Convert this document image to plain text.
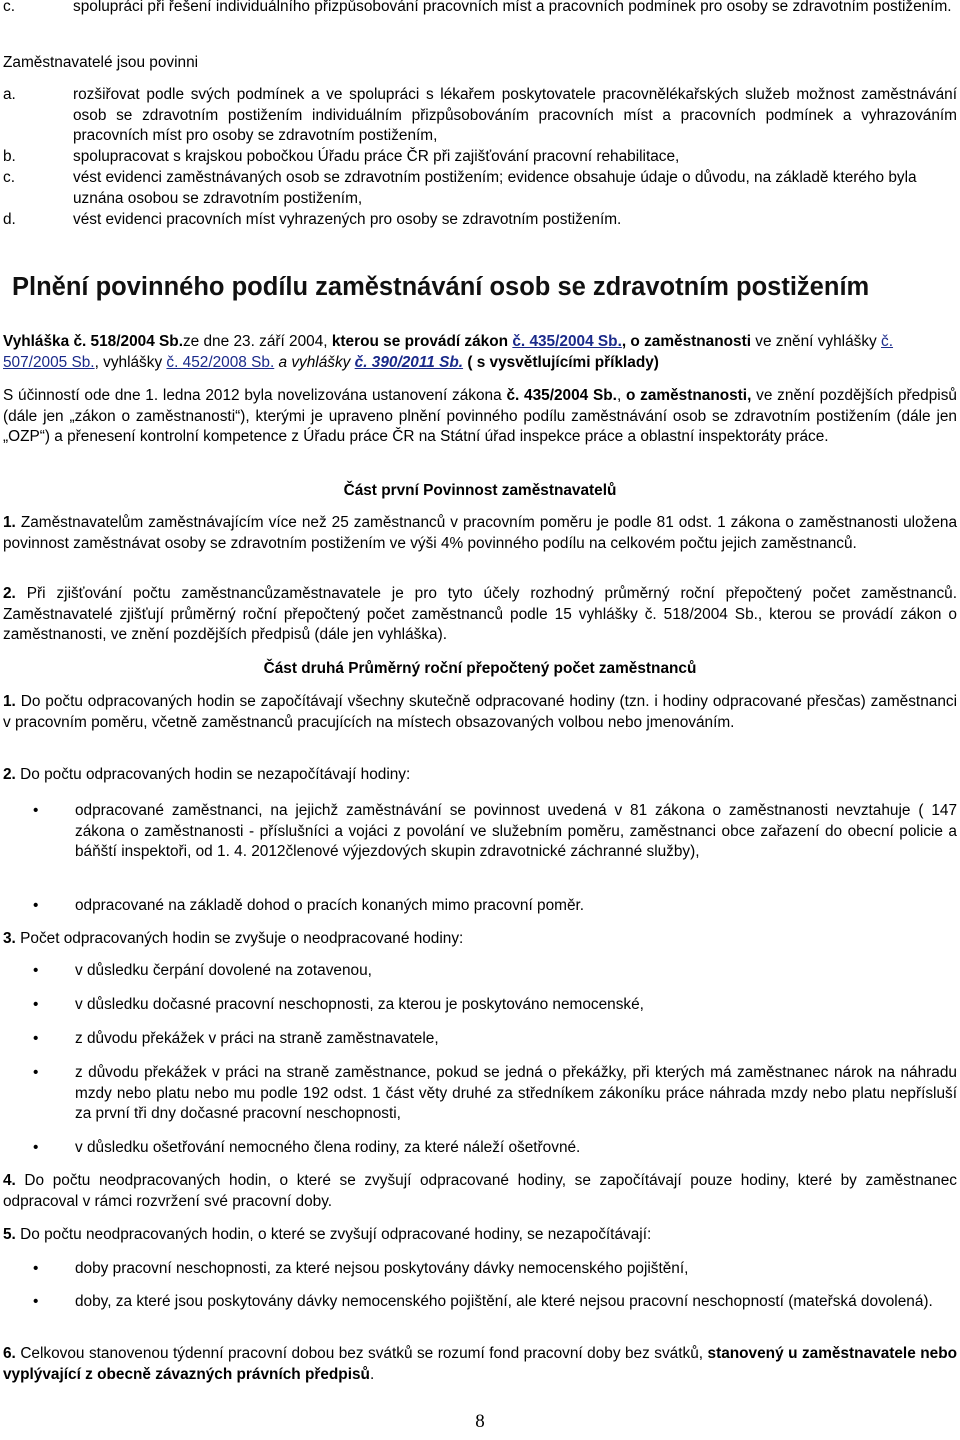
c.	spolupráci při řešení individuálního přizpůsobování pracovních míst a pracovních podmínek pro osoby se zdravotním postižením.
Zaměstnavatelé jsou povinni
a.	rozšiřovat podle svých podmínek a ve spolupráci s lékařem poskytovatele pracovnělékařských služeb možnost zaměstnávání osob se zdravotním postižením individuálním přizpůsobováním pracovních míst a pracovních podmínek a vyhrazováním pracovních míst pro osoby se zdravotním postižením,
b.	spolupracovat s krajskou pobočkou Úřadu práce ČR při zajišťování pracovní rehabilitace,
c.	vést evidenci zaměstnávaných osob se zdravotním postižením; evidence obsahuje údaje o důvodu, na základě kterého byla uznána osobou se zdravotním postižením,
d.	vést evidenci pracovních míst vyhrazených pro osoby se zdravotním postižením.
Plnění povinného podílu zaměstnávání osob se zdravotním postižením

Vyhláška č. 518/2004 Sb.ze dne 23. září 2004, kterou se provádí zákon č. 435/2004 Sb., o zaměstnanosti ve znění vyhlášky č. 507/2005 Sb., vyhlášky č. 452/2008 Sb. a vyhlášky č. 390/2011 Sb. ( s vysvětlujícími příklady)

S účinností ode dne 1. ledna 2012 byla novelizována ustanovení zákona č. 435/2004 Sb., o zaměstnanosti, ve znění pozdějších předpisů (dále jen „zákon o zaměstnanosti“), kterými je upraveno plnění povinného podílu zaměstnávání osob se zdravotním postižením (dále jen „OZP“) a přenesení kontrolní kompetence z Úřadu práce ČR na Státní úřad inspekce práce a oblastní inspektoráty práce.

Část první Povinnost zaměstnavatelů

1. Zaměstnavatelům zaměstnávajícím více než 25 zaměstnanců v pracovním poměru je podle 81 odst. 1 zákona o zaměstnanosti uložena povinnost zaměstnávat osoby se zdravotním postižením ve výši 4% povinného podílu na celkovém počtu jejich zaměstnanců.

2. Při zjišťování počtu zaměstnancůzaměstnavatele je pro tyto účely rozhodný průměrný roční přepočtený počet zaměstnanců. Zaměstnavatelé zjišťují průměrný roční přepočtený počet zaměstnanců podle 15 vyhlášky č. 518/2004 Sb., kterou se provádí zákon o zaměstnanosti, ve znění pozdějších předpisů (dále jen vyhláška).

Část druhá Průměrný roční přepočtený počet zaměstnanců

1. Do počtu odpracovaných hodin se započítávají všechny skutečně odpracované hodiny (tzn. i hodiny odpracované přesčas) zaměstnanci v pracovním poměru, včetně zaměstnanců pracujících na místech obsazovaných volbou nebo jmenováním.

2. Do počtu odpracovaných hodin se nezapočítávají hodiny:

• odpracované zaměstnanci, na jejichž zaměstnávání se povinnost uvedená v 81 zákona o zaměstnanosti nevztahuje ( 147 zákona o zaměstnanosti - příslušníci a vojáci z povolání ve služebním poměru, zaměstnanci obce zařazení do obecní policie a báňští inspektoři, od 1. 4. 2012členové výjezdových skupin zdravotnické záchranné služby),
• odpracované na základě dohod o pracích konaných mimo pracovní poměr.

3. Počet odpracovaných hodin se zvyšuje o neodpracované hodiny:

• v důsledku čerpání dovolené na zotavenou,
• v důsledku dočasné pracovní neschopnosti, za kterou je poskytováno nemocenské,
• z důvodu překážek v práci na straně zaměstnavatele,
• z důvodu překážek v práci na straně zaměstnance, pokud se jedná o překážky, při kterých má zaměstnanec nárok na náhradu mzdy nebo platu nebo mu podle 192 odst. 1 část věty druhé za středníkem zákoníku práce náhrada mzdy nebo platu nepřísluší za první tři dny dočasné pracovní neschopnosti,
• v důsledku ošetřování nemocného člena rodiny, za které náleží ošetřovné.

4. Do počtu neodpracovaných hodin, o které se zvyšují odpracované hodiny, se započítávají pouze hodiny, které by zaměstnanec odpracoval v rámci rozvržení své pracovní doby.

5. Do počtu neodpracovaných hodin, o které se zvyšují odpracované hodiny, se nezapočítávají:

• doby pracovní neschopnosti, za které nejsou poskytovány dávky nemocenského pojištění,
• doby, za které jsou poskytovány dávky nemocenského pojištění, ale které nejsou pracovní neschopností (mateřská dovolená).

6. Celkovou stanovenou týdenní pracovní dobou bez svátků se rozumí fond pracovní doby bez svátků, stanovený u zaměstnavatele nebo vyplývající z obecně závazných právních předpisů.

8
